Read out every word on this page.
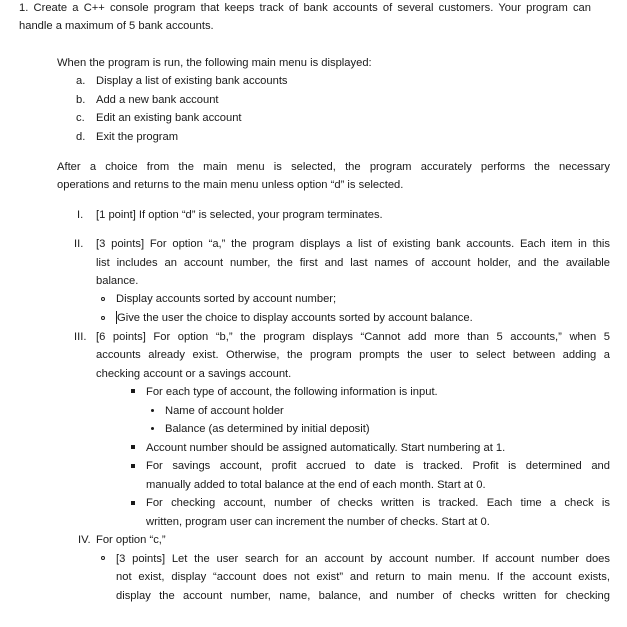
1. Create a C++ console program that keeps track of bank accounts of several customers. Your program can
handle a maximum of 5 bank accounts.
When the program is run, the following main menu is displayed:
a. Display a list of existing bank accounts
b. Add a new bank account
c. Edit an existing bank account
d. Exit the program
After a choice from the main menu is selected, the program accurately performs the necessary
operations and returns to the main menu unless option “d” is selected.
I. [1 point] If option “d” is selected, your program terminates.
II. [3 points] For option “a,” the program displays a list of existing bank accounts. Each item in this
list includes an account number, the first and last names of account holder, and the available
balance.
Display accounts sorted by account number;
Give the user the choice to display accounts sorted by account balance.
III. [6 points] For option “b,” the program displays “Cannot add more than 5 accounts,” when 5
accounts already exist. Otherwise, the program prompts the user to select between adding a
checking account or a savings account.
For each type of account, the following information is input.
Name of account holder
Balance (as determined by initial deposit)
Account number should be assigned automatically. Start numbering at 1.
For savings account, profit accrued to date is tracked. Profit is determined and
manually added to total balance at the end of each month. Start at 0.
For checking account, number of checks written is tracked. Each time a check is
written, program user can increment the number of checks. Start at 0.
IV. For option “c,”
[3 points] Let the user search for an account by account number. If account number does
not exist, display “account does not exist” and return to main menu. If the account exists,
display the account number, name, balance, and number of checks written for checking
